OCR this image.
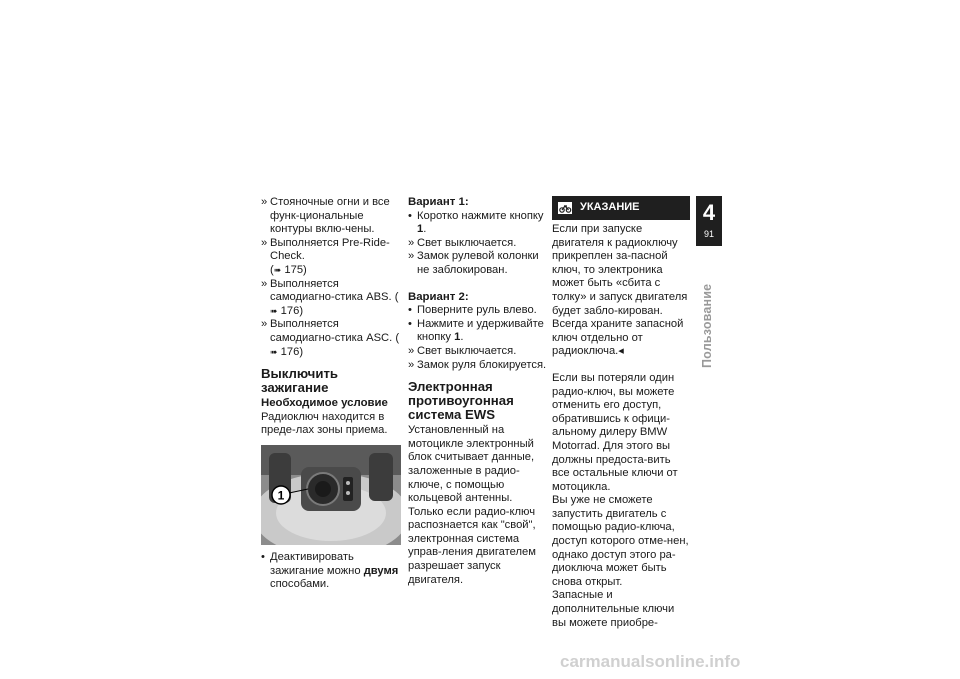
» Стояночные огни и все функ-циональные контуры вклю-чены.
» Выполняется Pre-Ride-Check.
(➠ 175)
» Выполняется самодиагно-стика ABS. (➠ 176)
» Выполняется самодиагно-стика ASC. (➠ 176)
Выключить зажигание
Необходимое условие

Радиоключ находится в преде-лах зоны приема.

1
• Деактивировать зажигание можно двумя способами.
Вариант 1:
• Коротко нажмите кнопку 1.
» Свет выключается.
» Замок рулевой колонки не заблокирован.
Вариант 2:
• Поверните руль влево.
• Нажмите и удерживайте кнопку 1.
» Свет выключается.
» Замок руля блокируется.
Электронная противоугонная система EWS

Установленный на мотоцикле электронный блок считывает данные, заложенные в радио-ключе, с помощью кольцевой антенны. Только если радио-ключ распознается как "свой", электронная система управ-ления двигателем разрешает запуск двигателя.

УКАЗАНИЕ

Если при запуске двигателя к радиоключу прикреплен за-пасной ключ, то электроника может быть «сбита с толку» и запуск двигателя будет забло-кирован.

Всегда храните запасной ключ отдельно от радиоключа.◂

Если вы потеряли один радио-ключ, вы можете отменить его доступ, обратившись к офици-альному дилеру BMW Motorrad. Для этого вы должны предоста-вить все остальные ключи от мотоцикла.

Вы уже не сможете запустить двигатель с помощью радио-ключа, доступ которого отме-нен, однако доступ этого ра-диоключа может быть снова открыт.

Запасные и дополнительные ключи вы можете приобре-

4
91
Пользование
carmanualsonline.info
